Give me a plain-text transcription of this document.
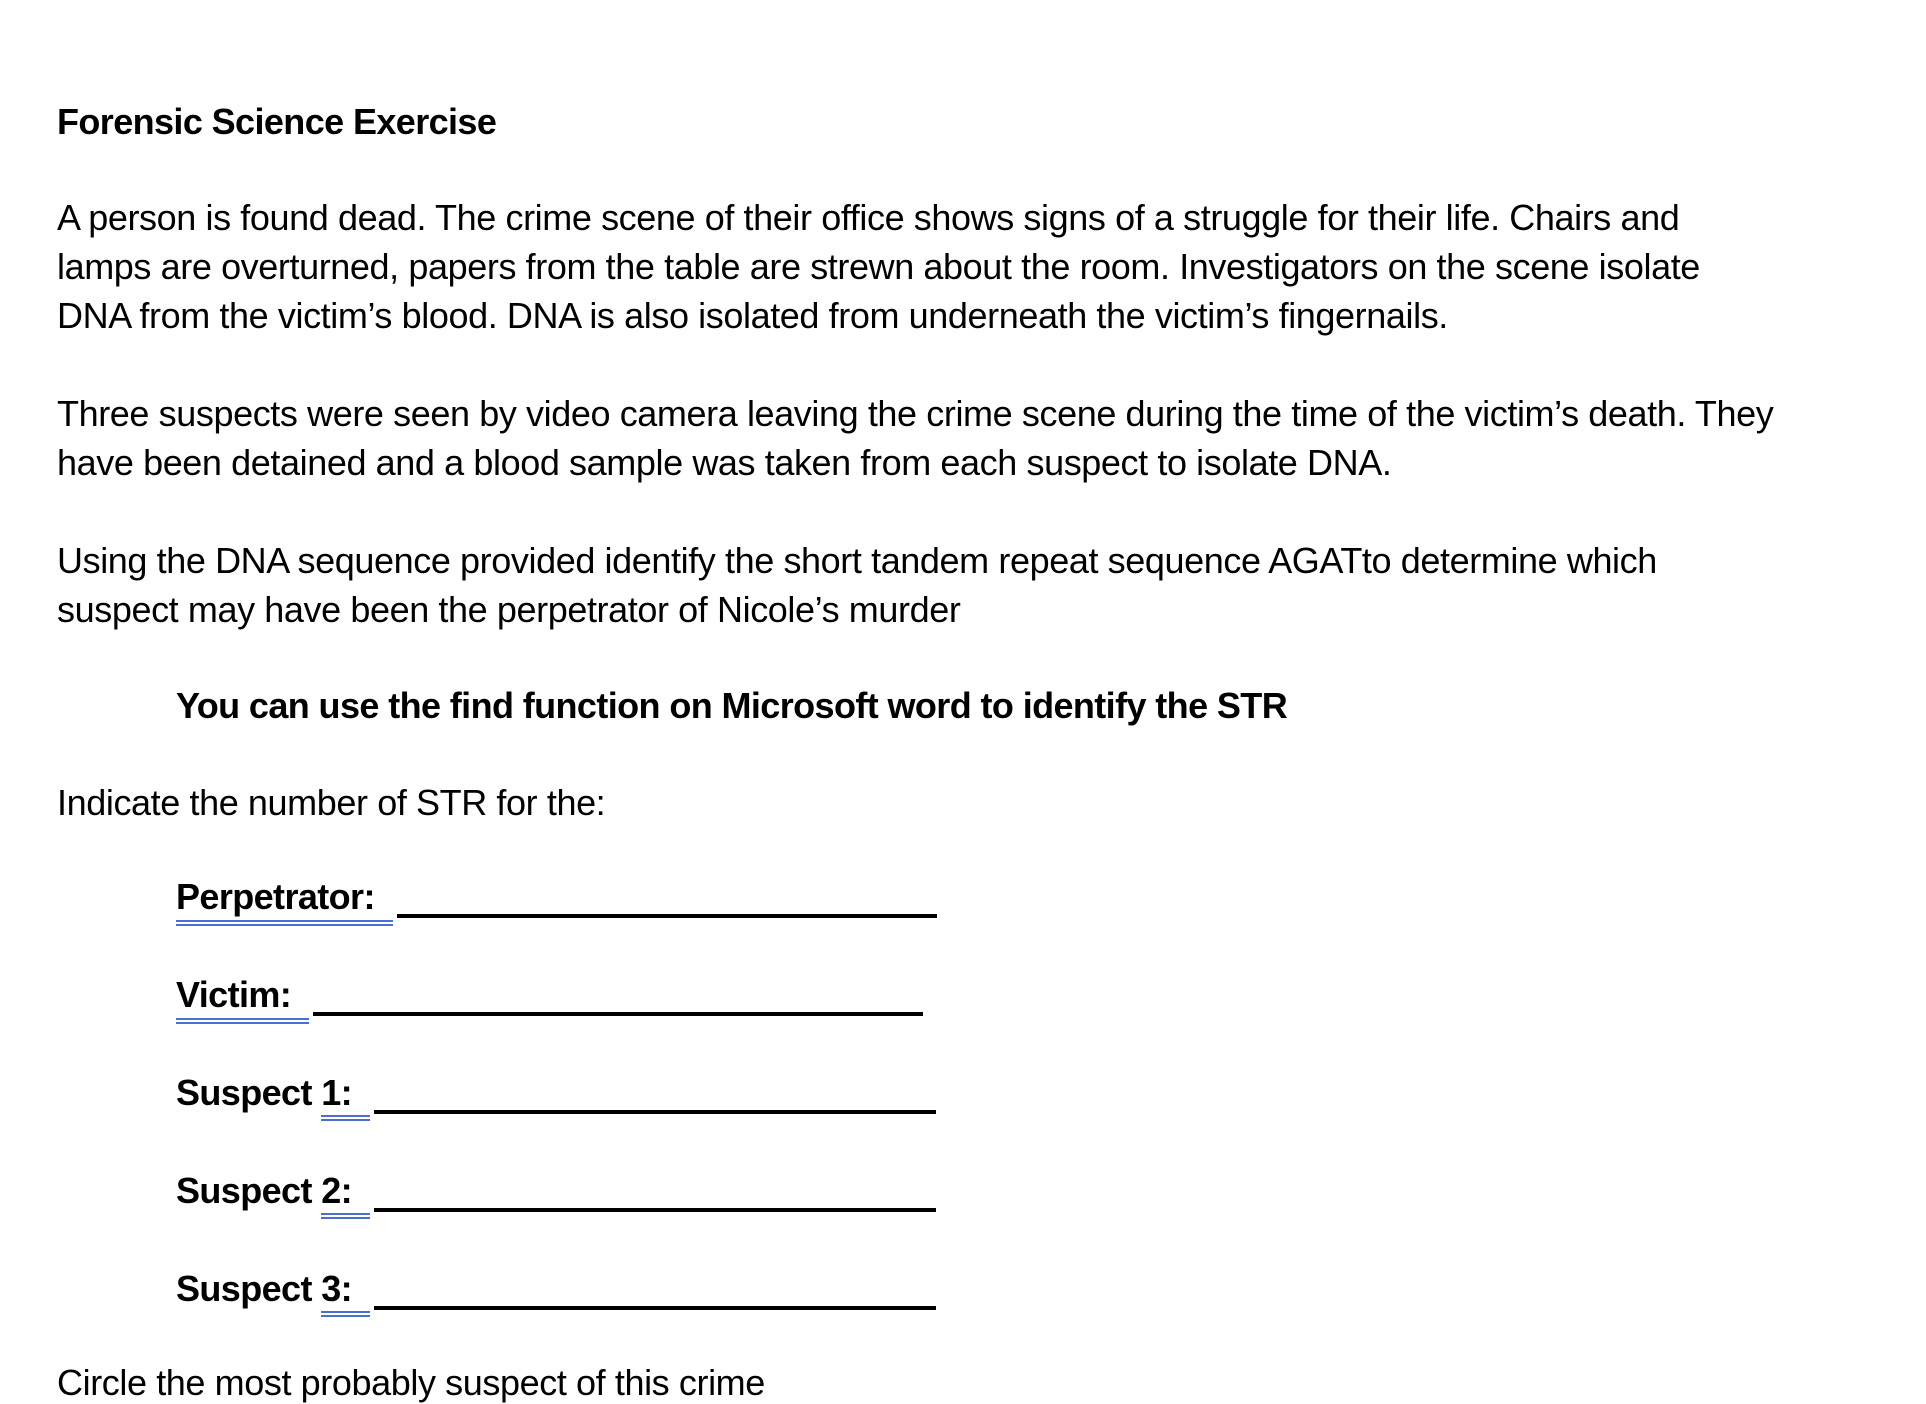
Forensic Science Exercise
A person is found dead. The crime scene of their office shows signs of a struggle for their life. Chairs and
lamps are overturned, papers from the table are strewn about the room. Investigators on the scene isolate
DNA from the victim’s blood. DNA is also isolated from underneath the victim’s fingernails.
Three suspects were seen by video camera leaving the crime scene during the time of the victim’s death. They
have been detained and a blood sample was taken from each suspect to isolate DNA.
Using the DNA sequence provided identify the short tandem repeat sequence AGATto determine which
suspect may have been the perpetrator of Nicole’s murder
You can use the find function on Microsoft word to identify the STR
Indicate the number of STR for the:
Perpetrator:
Victim:
Suspect 1:
Suspect 2:
Suspect 3:
Circle the most probably suspect of this crime
